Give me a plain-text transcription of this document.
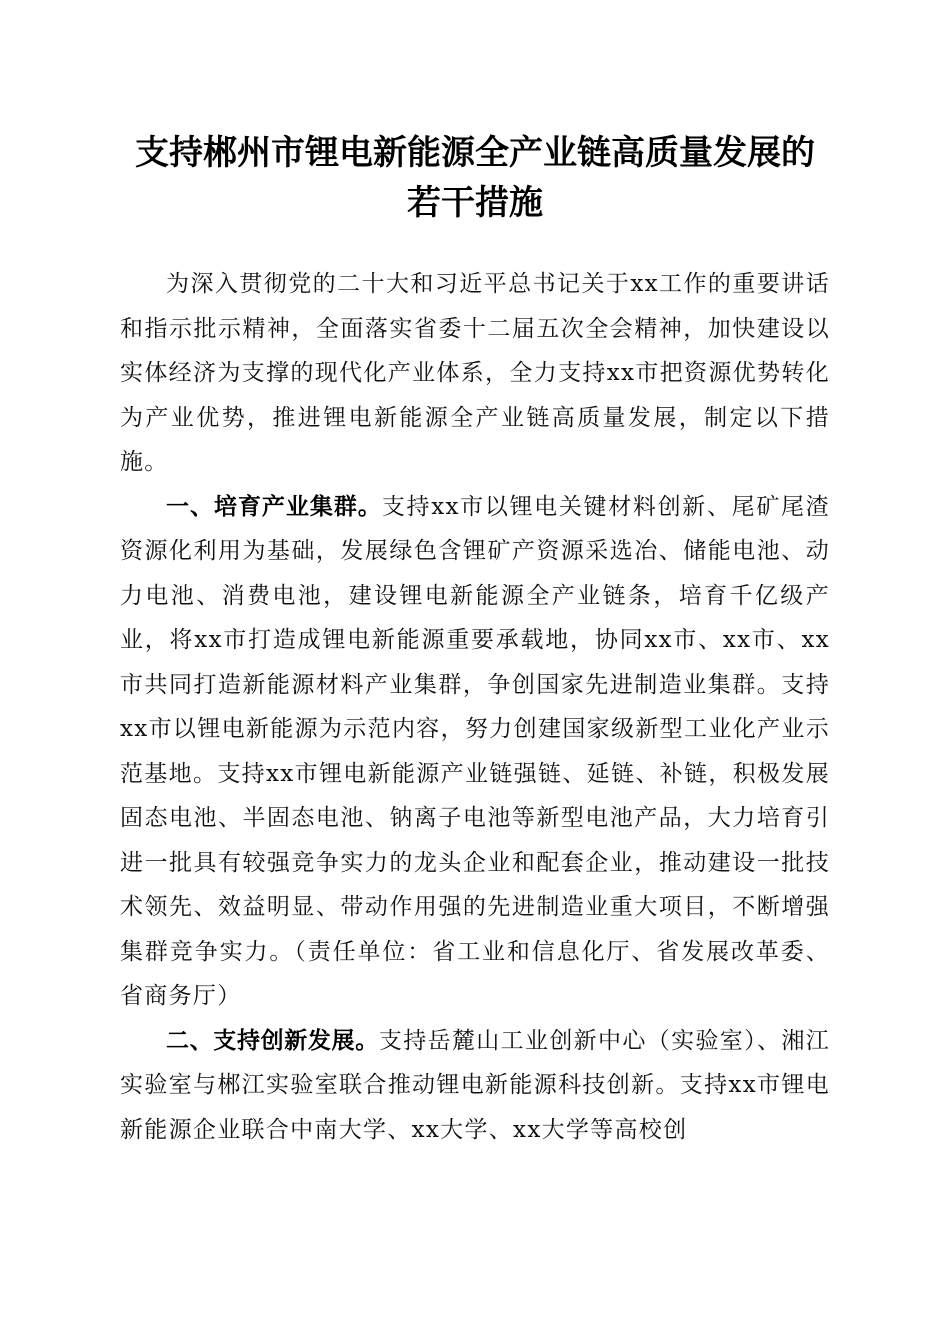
支持郴州市锂电新能源全产业链高质量发展的
若干措施

为深入贯彻党的二十大和习近平总书记关于xx工作的重要讲话和指示批示精神，全面落实省委十二届五次全会精神，加快建设以实体经济为支撑的现代化产业体系，全力支持xx市把资源优势转化为产业优势，推进锂电新能源全产业链高质量发展，制定以下措施。

一、培育产业集群。支持xx市以锂电关键材料创新、尾矿尾渣资源化利用为基础，发展绿色含锂矿产资源采选冶、储能电池、动力电池、消费电池，建设锂电新能源全产业链条，培育千亿级产业，将xx市打造成锂电新能源重要承载地，协同xx市、xx市、xx市共同打造新能源材料产业集群，争创国家先进制造业集群。支持xx市以锂电新能源为示范内容，努力创建国家级新型工业化产业示范基地。支持xx市锂电新能源产业链强链、延链、补链，积极发展固态电池、半固态电池、钠离子电池等新型电池产品，大力培育引进一批具有较强竞争实力的龙头企业和配套企业，推动建设一批技术领先、效益明显、带动作用强的先进制造业重大项目，不断增强集群竞争实力。（责任单位：省工业和信息化厅、省发展改革委、省商务厅）

二、支持创新发展。支持岳麓山工业创新中心（实验室）、湘江实验室与郴江实验室联合推动锂电新能源科技创新。支持xx市锂电新能源企业联合中南大学、xx大学、xx大学等高校创
